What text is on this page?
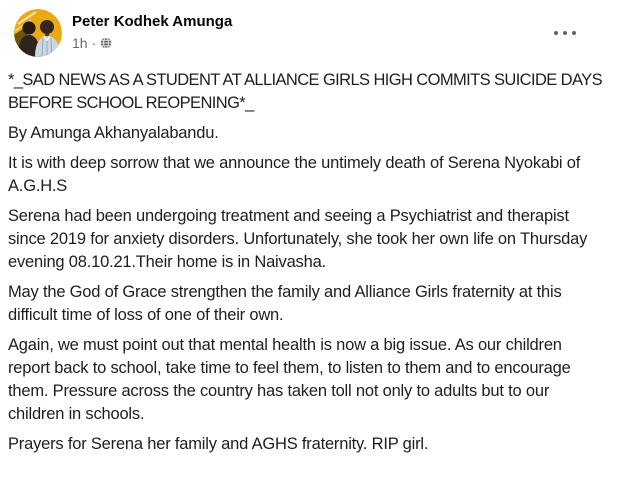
Peter Kodhek Amunga
1h ·

*_SAD NEWS AS A STUDENT AT ALLIANCE GIRLS HIGH COMMITS SUICIDE DAYS BEFORE SCHOOL REOPENING*_

By Amunga Akhanyalabandu.

It is with deep sorrow that we announce the untimely death of Serena Nyokabi of A.G.H.S

Serena had been undergoing treatment and seeing a Psychiatrist and therapist since 2019 for anxiety disorders. Unfortunately, she took her own life on Thursday evening 08.10.21.Their home is in Naivasha.

May the God of Grace strengthen the family and Alliance Girls fraternity at this difficult time of loss of one of their own.

Again, we must point out that mental health is now a big issue. As our children report back to school, take time to feel them, to listen to them and to encourage them. Pressure across the country has taken toll not only to adults but to our children in schools.

Prayers for Serena her family and AGHS fraternity. RIP girl.
